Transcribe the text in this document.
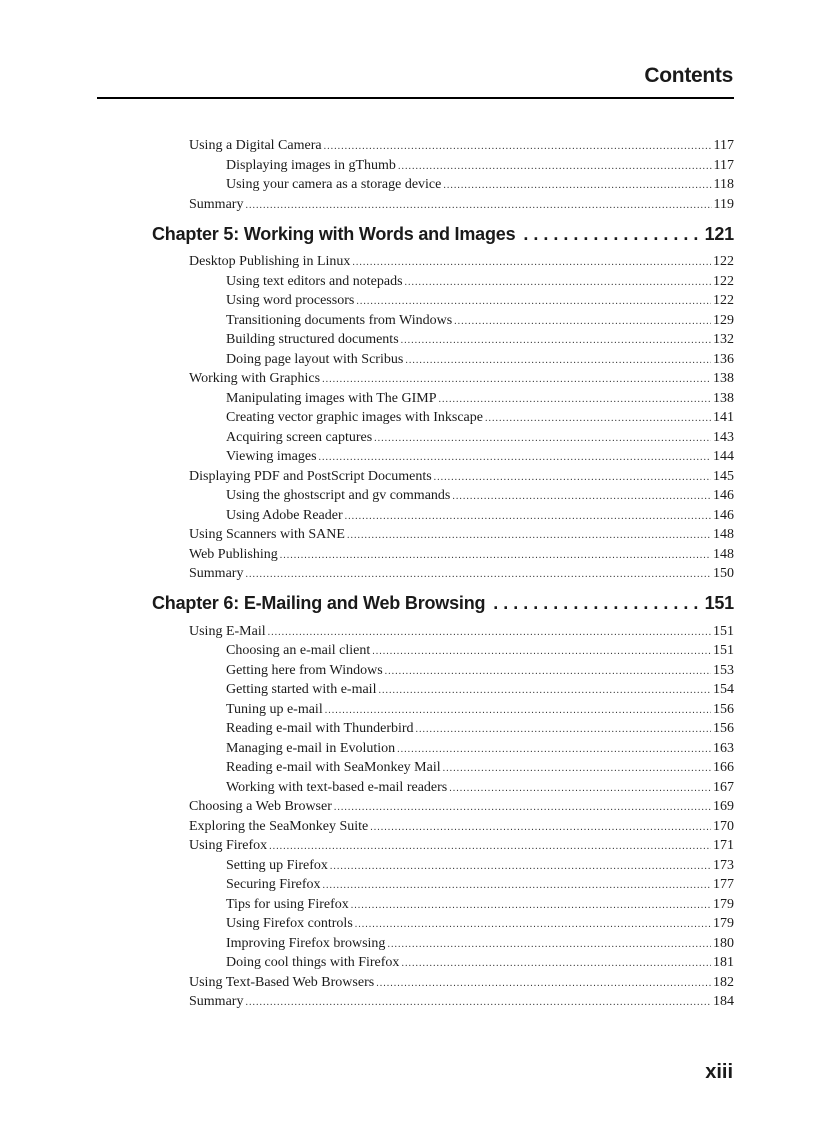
Contents
Using a Digital Camera .....	117
Displaying images in gThumb .....	117
Using your camera as a storage device .....	118
Summary .....	119
Chapter 5: Working with Words and Images . . .	121
Desktop Publishing in Linux .....	122
Using text editors and notepads .....	122
Using word processors .....	122
Transitioning documents from Windows .....	129
Building structured documents .....	132
Doing page layout with Scribus .....	136
Working with Graphics .....	138
Manipulating images with The GIMP .....	138
Creating vector graphic images with Inkscape .....	141
Acquiring screen captures .....	143
Viewing images .....	144
Displaying PDF and PostScript Documents .....	145
Using the ghostscript and gv commands .....	146
Using Adobe Reader .....	146
Using Scanners with SANE .....	148
Web Publishing .....	148
Summary .....	150
Chapter 6: E-Mailing and Web Browsing . . .	151
Using E-Mail .....	151
Choosing an e-mail client .....	151
Getting here from Windows .....	153
Getting started with e-mail .....	154
Tuning up e-mail .....	156
Reading e-mail with Thunderbird .....	156
Managing e-mail in Evolution .....	163
Reading e-mail with SeaMonkey Mail .....	166
Working with text-based e-mail readers .....	167
Choosing a Web Browser .....	169
Exploring the SeaMonkey Suite .....	170
Using Firefox .....	171
Setting up Firefox .....	173
Securing Firefox .....	177
Tips for using Firefox .....	179
Using Firefox controls .....	179
Improving Firefox browsing .....	180
Doing cool things with Firefox .....	181
Using Text-Based Web Browsers .....	182
Summary .....	184
xiii
